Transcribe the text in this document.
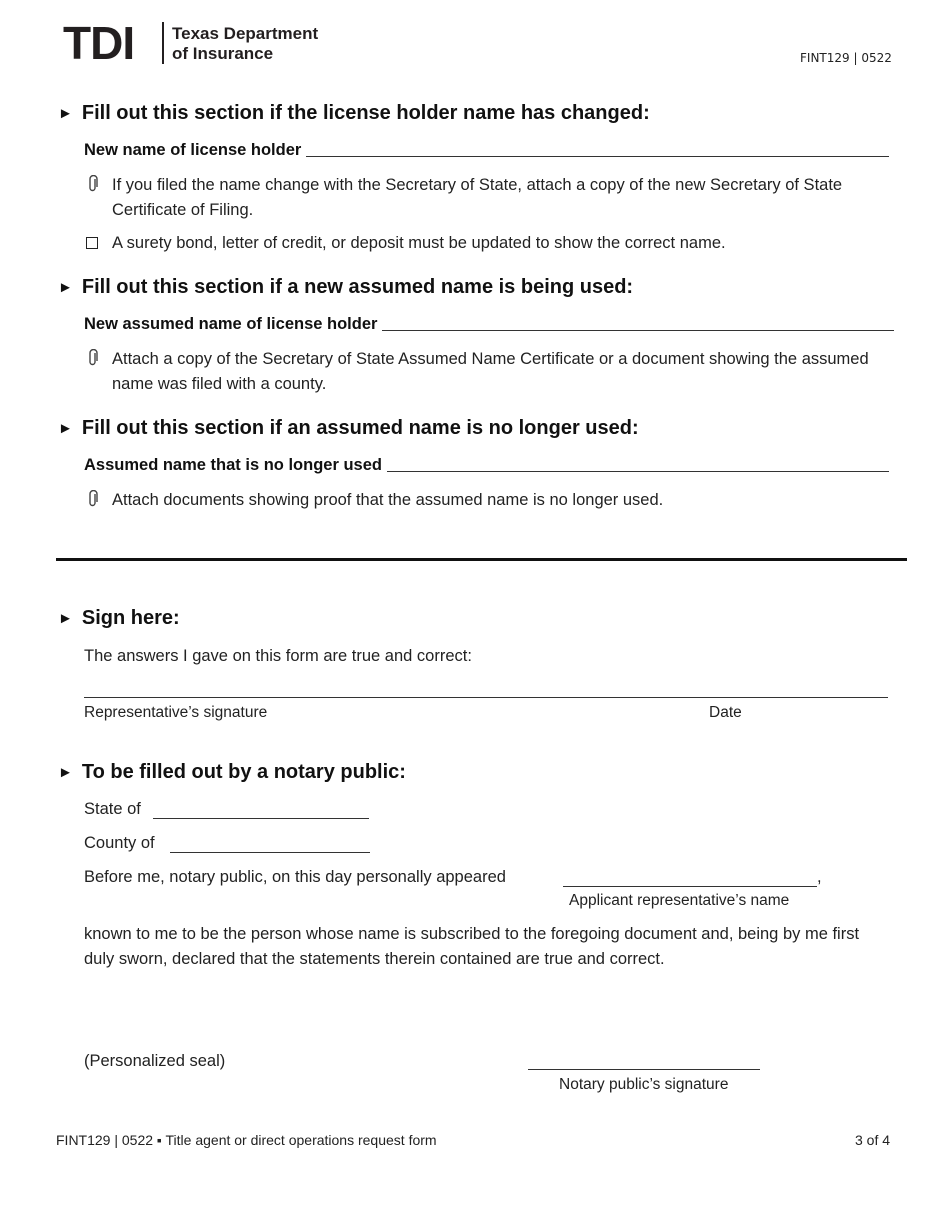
TDI Texas Department
of Insurance	FINT129 | 0522
► Fill out this section if the license holder name has changed:
New name of license holder
If you filed the name change with the Secretary of State, attach a copy of the new Secretary of State Certificate of Filing.
A surety bond, letter of credit, or deposit must be updated to show the correct name.
► Fill out this section if a new assumed name is being used:
New assumed name of license holder
Attach a copy of the Secretary of State Assumed Name Certificate or a document showing the assumed name was filed with a county.
► Fill out this section if an assumed name is no longer used:
Assumed name that is no longer used
Attach documents showing proof that the assumed name is no longer used.
► Sign here:
The answers I gave on this form are true and correct:
Representative’s signature	Date
► To be filled out by a notary public:
State of
County of
Before me, notary public, on this day personally appeared	,
Applicant representative’s name
known to me to be the person whose name is subscribed to the foregoing document and, being by me first duly sworn, declared that the statements therein contained are true and correct.
(Personalized seal)
Notary public’s signature
FINT129 | 0522 ▪ Title agent or direct operations request form	3 of 4
